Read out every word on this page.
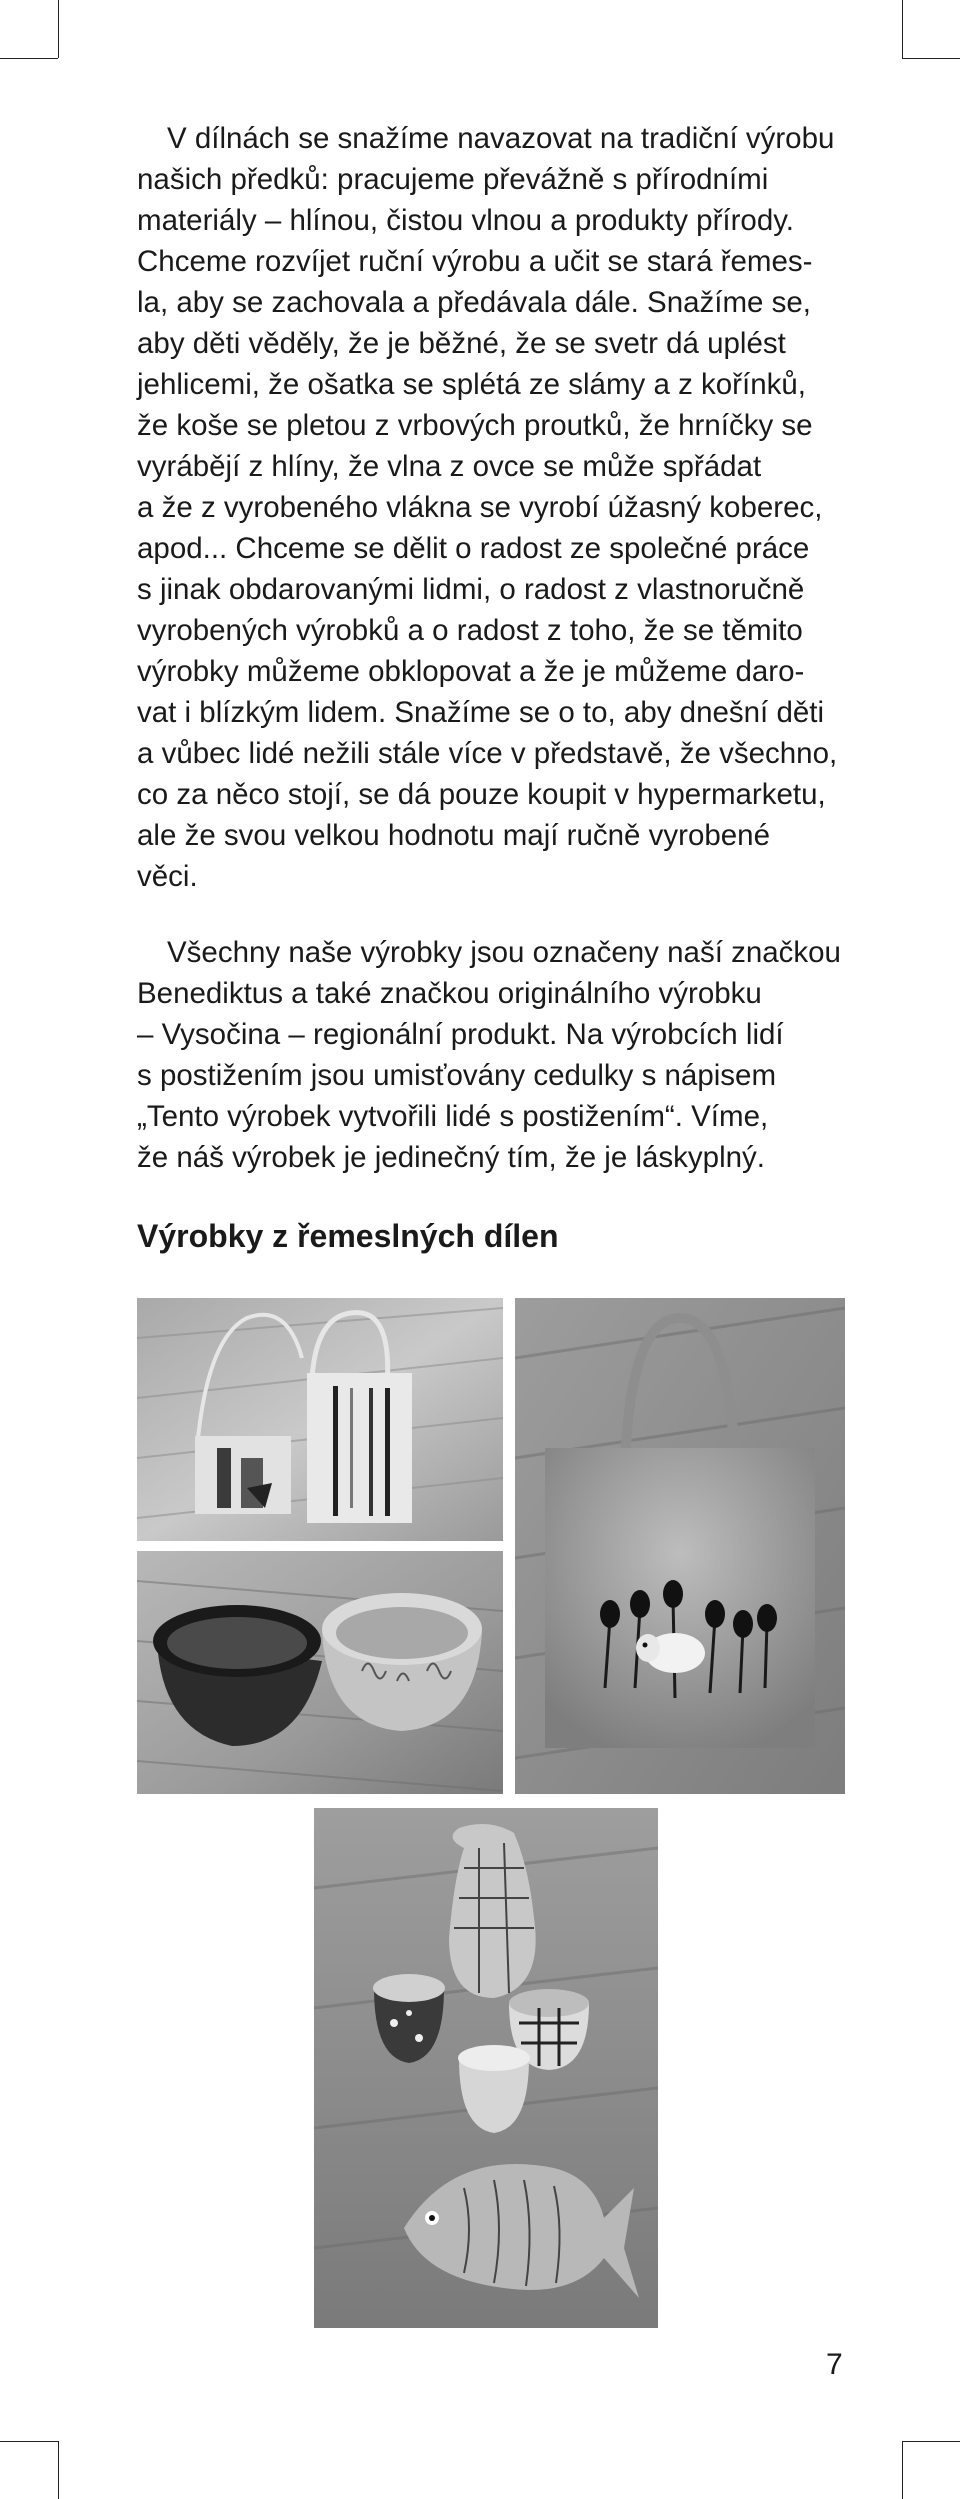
V dílnách se snažíme navazovat na tradiční výrobu

našich předků: pracujeme převážně s přírodními

materiály – hlínou, čistou vlnou a produkty přírody.

Chceme rozvíjet ruční výrobu a učit se stará řemes-

la, aby se zachovala a předávala dále. Snažíme se,

aby děti věděly, že je běžné, že se svetr dá uplést

jehlicemi, že ošatka se splétá ze slámy a z kořínků,

že koše se pletou z vrbových proutků, že hrníčky se

vyrábějí z hlíny, že vlna z ovce se může spřádat

a že z vyrobeného vlákna se vyrobí úžasný koberec,

apod... Chceme se dělit o radost ze společné práce

s jinak obdarovanými lidmi, o radost z vlastnoručně

vyrobených výrobků a o radost z toho, že se těmito

výrobky můžeme obklopovat a že je můžeme daro-

vat i blízkým lidem. Snažíme se o to, aby dnešní děti

a vůbec lidé nežili stále více v představě, že všechno,

co za něco stojí, se dá pouze koupit v hypermarketu,

ale že svou velkou hodnotu mají ručně vyrobené

věci.

Všechny naše výrobky jsou označeny naší značkou

Benediktus a také značkou originálního výrobku

– Vysočina – regionální produkt. Na výrobcích lidí

s postižením jsou umisťovány cedulky s nápisem

„Tento výrobek vytvořili lidé s postižením“. Víme,

že náš výrobek je jedinečný tím, že je láskyplný.

Výrobky z řemeslných dílen
7
